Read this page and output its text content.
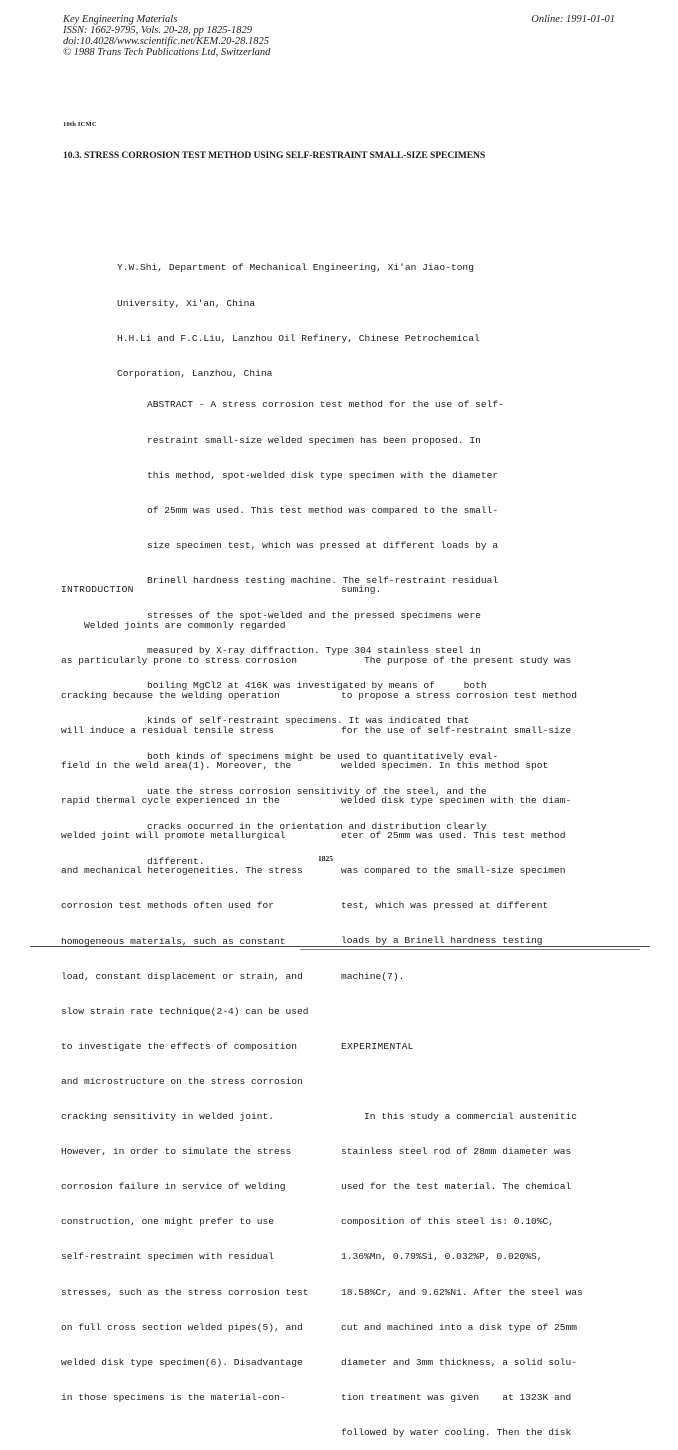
Key Engineering Materials
ISSN: 1662-9795, Vols. 20-28, pp 1825-1829
doi:10.4028/www.scientific.net/KEM.20-28.1825
© 1988 Trans Tech Publications Ltd, Switzerland
Online: 1991-01-01
10th ICMC
10.3. STRESS CORROSION TEST METHOD USING SELF-RESTRAINT SMALL-SIZE SPECIMENS

Y.W.Shi, Department of Mechanical Engineering, Xi'an Jiao-tong

University, Xi'an, China

H.H.Li and F.C.Liu, Lanzhou Oil Refinery, Chinese Petrochemical

Corporation, Lanzhou, China

ABSTRACT - A stress corrosion test method for the use of self-

restraint small-size welded specimen has been proposed. In

this method, spot-welded disk type specimen with the diameter

of 25mm was used. This test method was compared to the small-

size specimen test, which was pressed at different loads by a

Brinell hardness testing machine. The self-restraint residual

stresses of the spot-welded and the pressed specimens were

measured by X-ray diffraction. Type 304 stainless steel in

boiling MgCl2 at 416K was investigated by means of     both

kinds of self-restraint specimens. It was indicated that

both kinds of specimens might be used to quantitatively eval-

uate the stress corrosion sensitivity of the steel, and the

cracks occurred in the orientation and distribution clearly

different.

INTRODUCTION

Welded joints are commonly regarded

as particularly prone to stress corrosion

cracking because the welding operation

will induce a residual tensile stress

field in the weld area(1). Moreover, the

rapid thermal cycle experienced in the

welded joint will promote metallurgical

and mechanical heterogeneities. The stress

corrosion test methods often used for

homogeneous materials, such as constant

load, constant displacement or strain, and

slow strain rate technique(2-4) can be used

to investigate the effects of composition

and microstructure on the stress corrosion

cracking sensitivity in welded joint.

However, in order to simulate the stress

corrosion failure in service of welding

construction, one might prefer to use

self-restraint specimen with residual

stresses, such as the stress corrosion test

on full cross section welded pipes(5), and

welded disk type specimen(6). Disadvantage

in those specimens is the material-con-

suming.

The purpose of the present study was

to propose a stress corrosion test method

for the use of self-restraint small-size

welded specimen. In this method spot

welded disk type specimen with the diam-

eter of 25mm was used. This test method

was compared to the small-size specimen

test, which was pressed at different

loads by a Brinell hardness testing

machine(7).

EXPERIMENTAL

In this study a commercial austenitic

stainless steel rod of 28mm diameter was

used for the test material. The chemical

composition of this steel is: 0.10%C,

1.36%Mn, 0.79%Si, 0.032%P, 0.020%S,

18.58%Cr, and 9.62%Ni. After the steel was

cut and machined into a disk type of 25mm

diameter and 3mm thickness, a solid solu-

tion treatment was given    at 1323K and

followed by water cooling. Then the disk

1825
